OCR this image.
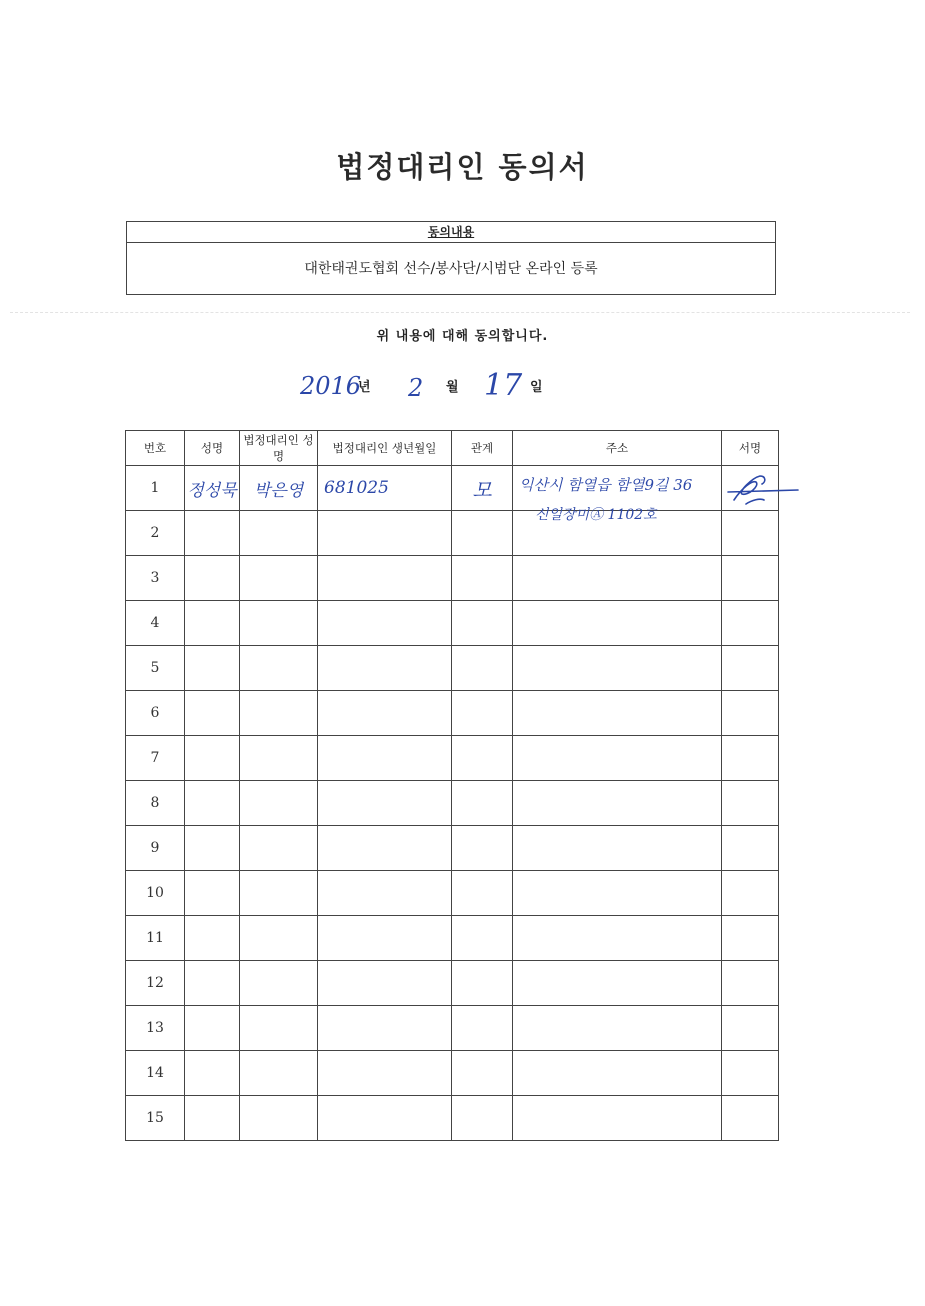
법정대리인 동의서
동의내용
대한태권도협회 선수/봉사단/시범단 온라인 등록
위 내용에 대해 동의합니다.
2016
년 2 월 17 일
번호	성명	법정대리인 성명	법정대리인 생년월일	관계	주소	서명
1	정성묵	박은영	681025	모	익산시 함열읍 함열9길 36
신일장미Ⓐ 1102호

2						
3						
4						
5						
6						
7						
8						
9						
10						
11						
12						
13						
14						
15						
